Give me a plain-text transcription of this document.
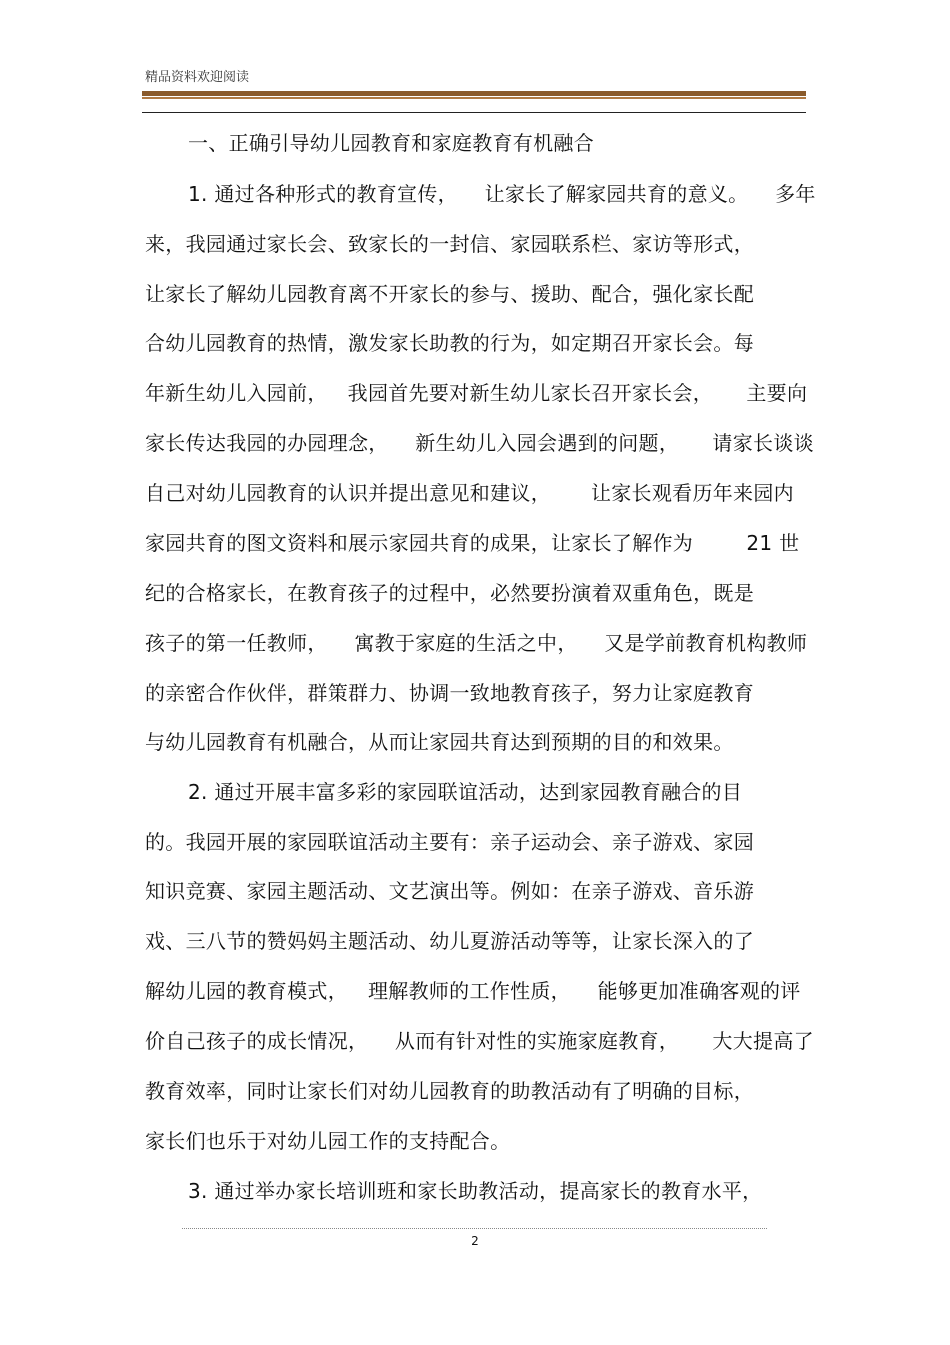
精品资料欢迎阅读
一、正确引导幼儿园教育和家庭教育有机融合
1. 通过各种形式的教育宣传，    让家长了解家园共育的意义。    多年
来，我园通过家长会、致家长的一封信、家园联系栏、家访等形式，
让家长了解幼儿园教育离不开家长的参与、援助、配合，强化家长配
合幼儿园教育的热情，激发家长助教的行为，如定期召开家长会。每
年新生幼儿入园前，   我园首先要对新生幼儿家长召开家长会，     主要向
家长传达我园的办园理念，    新生幼儿入园会遇到的问题，     请家长谈谈
自己对幼儿园教育的认识并提出意见和建议，      让家长观看历年来园内
家园共育的图文资料和展示家园共育的成果，让家长了解作为        21 世
纪的合格家长，在教育孩子的过程中，必然要扮演着双重角色，既是
孩子的第一任教师，    寓教于家庭的生活之中，    又是学前教育机构教师
的亲密合作伙伴，群策群力、协调一致地教育孩子，努力让家庭教育
与幼儿园教育有机融合，从而让家园共育达到预期的目的和效果。
2. 通过开展丰富多彩的家园联谊活动，达到家园教育融合的目
的。我园开展的家园联谊活动主要有：亲子运动会、亲子游戏、家园
知识竞赛、家园主题活动、文艺演出等。例如：在亲子游戏、音乐游
戏、三八节的赞妈妈主题活动、幼儿夏游活动等等，让家长深入的了
解幼儿园的教育模式，   理解教师的工作性质，    能够更加准确客观的评
价自己孩子的成长情况，    从而有针对性的实施家庭教育，     大大提高了
教育效率，同时让家长们对幼儿园教育的助教活动有了明确的目标，
家长们也乐于对幼儿园工作的支持配合。
3. 通过举办家长培训班和家长助教活动，提高家长的教育水平，
2
